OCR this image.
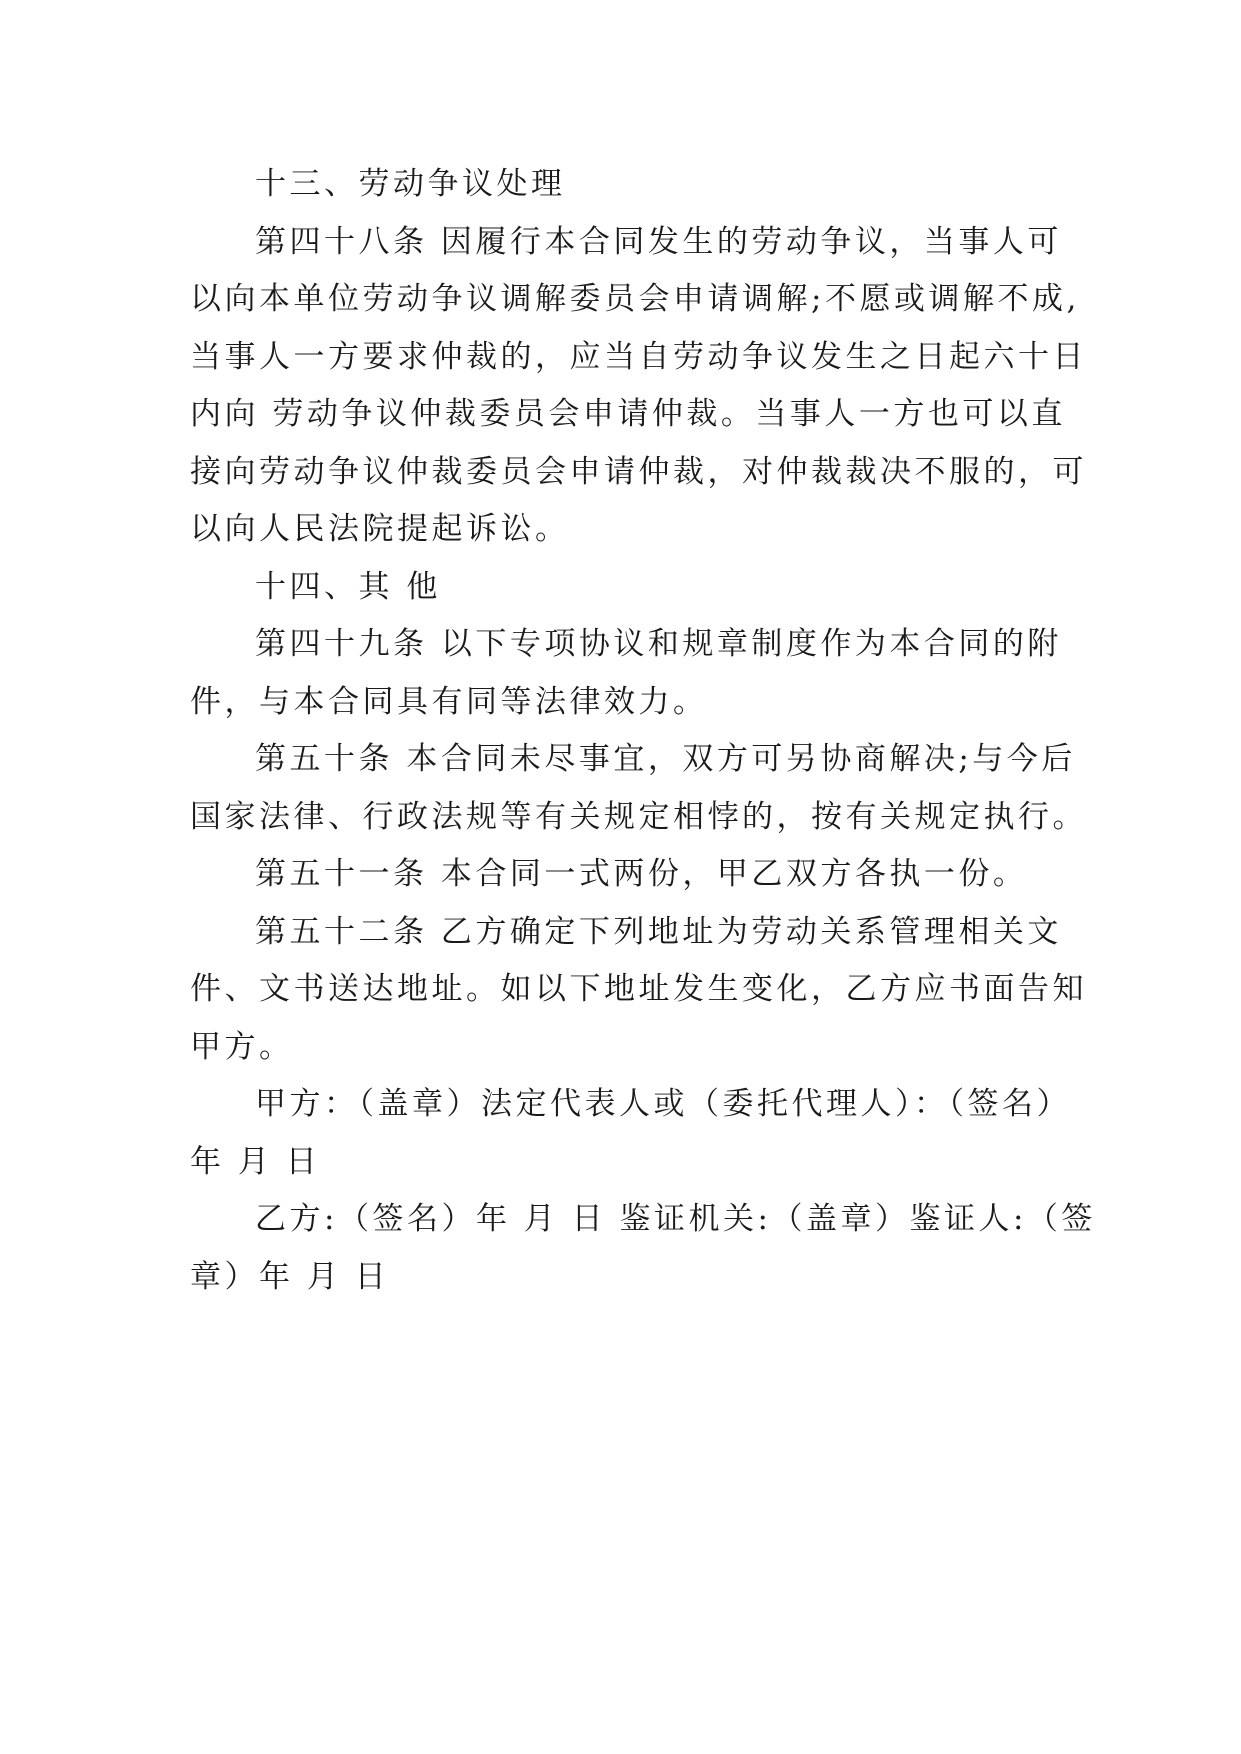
十三、劳动争议处理
第四十八条 因履行本合同发生的劳动争议，当事人可
以向本单位劳动争议调解委员会申请调解;不愿或调解不成,
当事人一方要求仲裁的，应当自劳动争议发生之日起六十日
内向 劳动争议仲裁委员会申请仲裁。当事人一方也可以直
接向劳动争议仲裁委员会申请仲裁，对仲裁裁决不服的，可
以向人民法院提起诉讼。
十四、其 他
第四十九条 以下专项协议和规章制度作为本合同的附
件，与本合同具有同等法律效力。
第五十条 本合同未尽事宜，双方可另协商解决;与今后
国家法律、行政法规等有关规定相悖的，按有关规定执行。
第五十一条 本合同一式两份，甲乙双方各执一份。
第五十二条 乙方确定下列地址为劳动关系管理相关文
件、文书送达地址。如以下地址发生变化，乙方应书面告知
甲方。
甲方：（盖章）法定代表人或（委托代理人）：（签名）
年 月 日
乙方:（签名）年 月 日 鉴证机关:（盖章）鉴证人:（签
章）年 月 日
